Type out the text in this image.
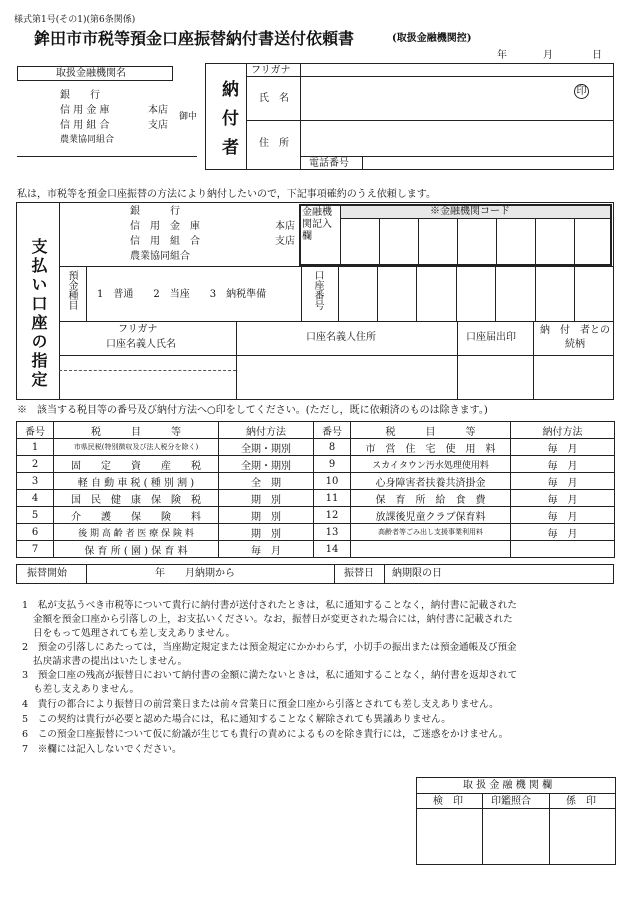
様式第1号(その1)(第6条関係)
鉾田市市税等預金口座振替納付書送付依頼書	(取扱金融機関控)
年	月	日
取扱金融機関名
銀　　行
信 用 金 庫
信 用 組 合
農業協同組合
本店
支店
御中 納付者
フリガナ
氏　名
住　所
電話番号
印
私は，市税等を預金口座振替の方法により納付したいので，下記事項確約のうえ依頼します。
支払い口座の指定
銀　　　行
信　用　金　庫
信　用　組　合
農業協同組合
本店
支店
※金融機関コード
金融機関記入欄
預金種目 1　普通　　2　当座　　3　納税準備	口座番号
フリガナ
口座名義人氏名
口座名義人住所	口座届出印
納　付　者との続柄
※　該当する税目等の番号及び納付方法へ○印をしてください。(ただし，既に依頼済のものは除きます。)
番号	税　　　目　　　等	納付方法	番号	税　　　目　　　等	納付方法
1	市県民税(特別徴収及び法人税分を除く)	全期・期別	8	市　営　住　宅　使　用　料	毎　月
2	固　　定　　資　　産　　税	全期・期別	9	スカイタウン汚水処理使用料	毎　月
3	軽 自 動 車 税 ( 種 別 割 )	全　期	10	心身障害者扶養共済掛金	毎　月
4	国　民　健　康　保　険　税	期　別	11	保　育　所　給　食　費	毎　月
5	介　　護　　保　　険　　料	期　別	12	放課後児童クラブ保育料	毎　月
6	後 期 高 齢 者 医 療 保 険 料	期　別	13	高齢者等ごみ出し支援事業利用料	毎　月
7	保 育 所 ( 園 ) 保 育 料	毎　月	14		
振替開始	年　　月納期から	振替日 納期限の日
1　私が支払うべき市税等について貴行に納付書が送付されたときは，私に通知することなく，納付書に記載された
金額を預金口座から引落しの上，お支払いください。なお，振替日が変更された場合には，納付書に記載された
日をもって処理されても差し支えありません。
2　預金の引落しにあたっては，当座勘定規定または預金規定にかかわらず，小切手の振出または預金通帳及び預金
払戻請求書の提出はいたしません。
3　預金口座の残高が振替日において納付書の金額に満たないときは，私に通知することなく，納付書を返却されて
も差し支えありません。
4　貴行の都合により振替日の前営業日または前々営業日に預金口座から引落とされても差し支えありません。
5　この契約は貴行が必要と認めた場合には，私に通知することなく解除されても異議ありません。
6　この預金口座振替について仮に紛議が生じても貴行の責めによるものを除き貴行には，ご迷惑をかけません。
7　※欄には記入しないでください。
取 扱 金 融 機 関 欄
検　印	印鑑照合	係　印
